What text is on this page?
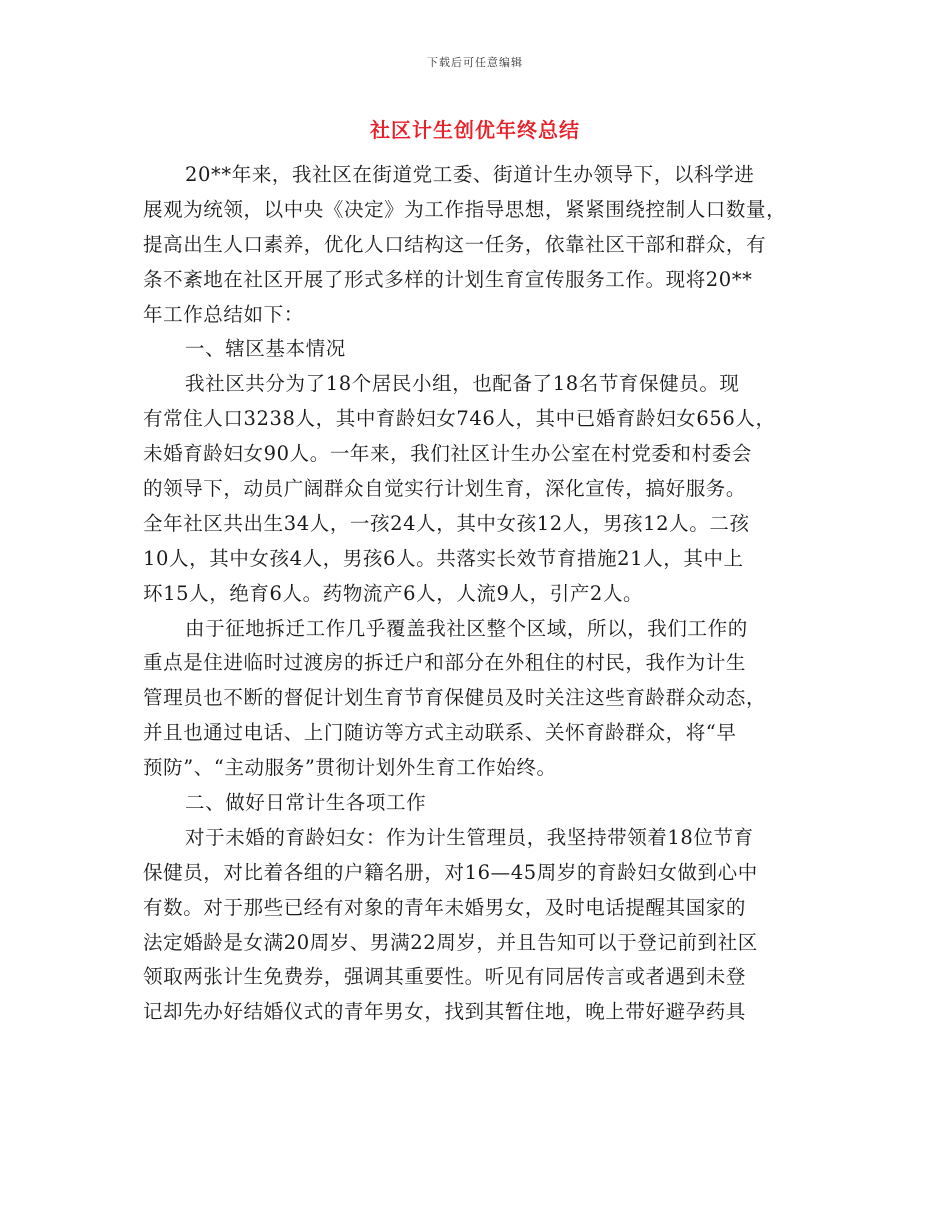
下载后可任意编辑
社区计生创优年终总结
20**年来，我社区在街道党工委、街道计生办领导下，以科学进
展观为统领，以中央《决定》为工作指导思想，紧紧围绕控制人口数量，
提高出生人口素养，优化人口结构这一任务，依靠社区干部和群众，有
条不紊地在社区开展了形式多样的计划生育宣传服务工作。现将20**
年工作总结如下：
一、辖区基本情况
我社区共分为了18个居民小组，也配备了18名节育保健员。现
有常住人口3238人，其中育龄妇女746人，其中已婚育龄妇女656人，
未婚育龄妇女90人。一年来，我们社区计生办公室在村党委和村委会
的领导下，动员广阔群众自觉实行计划生育，深化宣传，搞好服务。
全年社区共出生34人，一孩24人，其中女孩12人，男孩12人。二孩
10人，其中女孩4人，男孩6人。共落实长效节育措施21人，其中上
环15人，绝育6人。药物流产6人，人流9人，引产2人。
由于征地拆迁工作几乎覆盖我社区整个区域，所以，我们工作的
重点是住进临时过渡房的拆迁户和部分在外租住的村民，我作为计生
管理员也不断的督促计划生育节育保健员及时关注这些育龄群众动态，
并且也通过电话、上门随访等方式主动联系、关怀育龄群众，将“早
预防”、“主动服务”贯彻计划外生育工作始终。
二、做好日常计生各项工作
对于未婚的育龄妇女：作为计生管理员，我坚持带领着18位节育
保健员，对比着各组的户籍名册，对16—45周岁的育龄妇女做到心中
有数。对于那些已经有对象的青年未婚男女，及时电话提醒其国家的
法定婚龄是女满20周岁、男满22周岁，并且告知可以于登记前到社区
领取两张计生免费券，强调其重要性。听见有同居传言或者遇到未登
记却先办好结婚仪式的青年男女，找到其暂住地，晚上带好避孕药具
